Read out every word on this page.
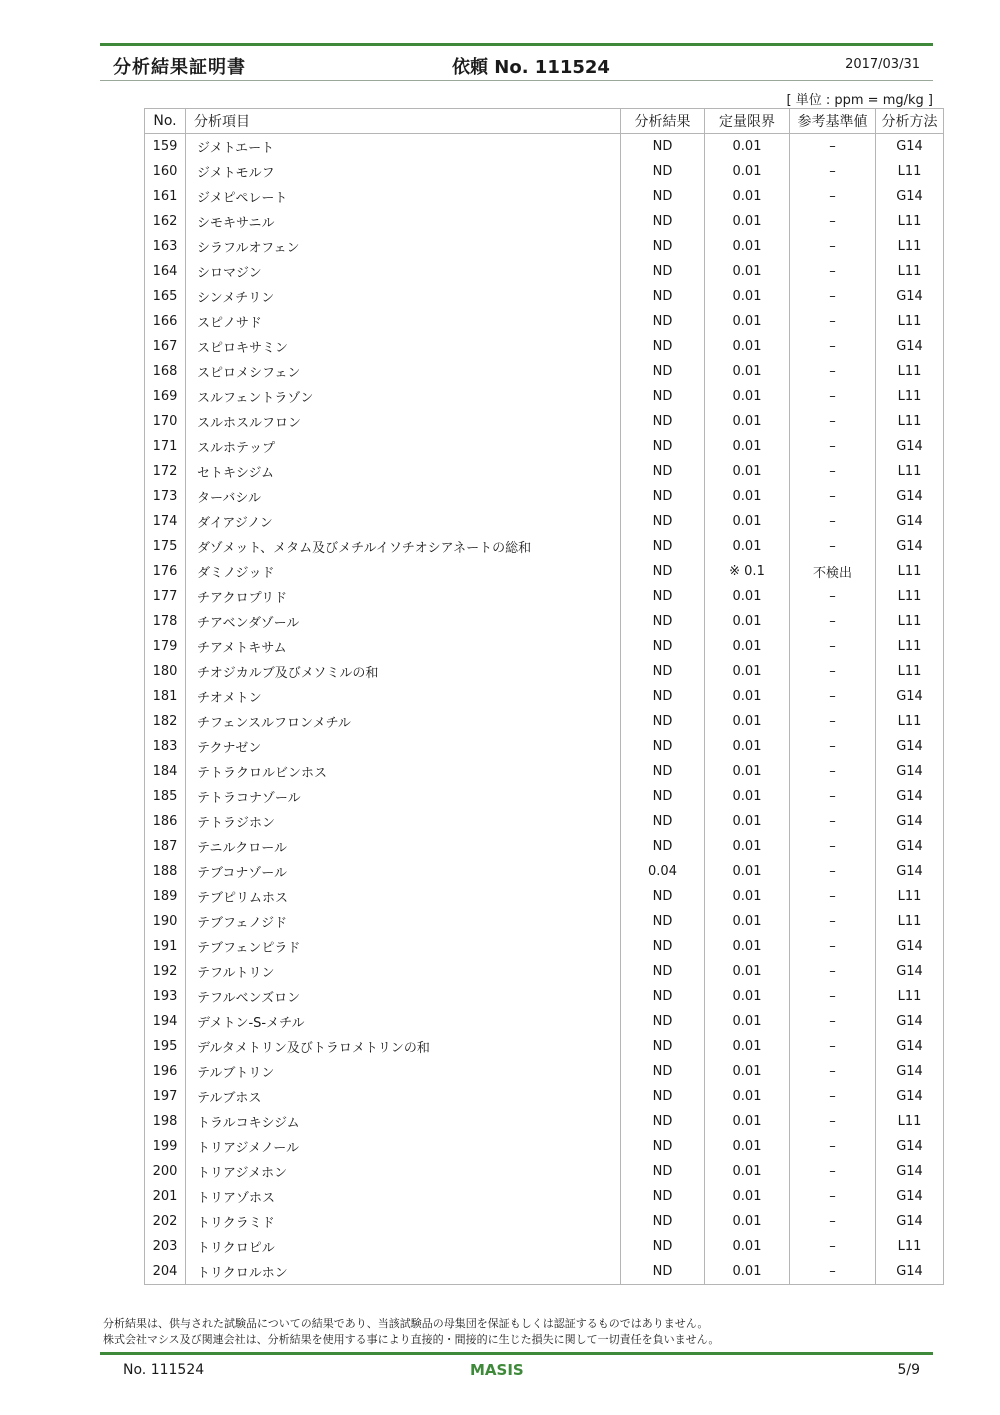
分析結果証明書	依頼 No. 111524	2017/03/31
[ 単位 : ppm = mg/kg ]
No.	分析項目	分析結果	定量限界	参考基準値	分析方法
159	ジメトエート	ND	0.01	–	G14
160	ジメトモルフ	ND	0.01	–	L11
161	ジメピペレート	ND	0.01	–	G14
162	シモキサニル	ND	0.01	–	L11
163	シラフルオフェン	ND	0.01	–	L11
164	シロマジン	ND	0.01	–	L11
165	シンメチリン	ND	0.01	–	G14
166	スピノサド	ND	0.01	–	L11
167	スピロキサミン	ND	0.01	–	G14
168	スピロメシフェン	ND	0.01	–	L11
169	スルフェントラゾン	ND	0.01	–	L11
170	スルホスルフロン	ND	0.01	–	L11
171	スルホテップ	ND	0.01	–	G14
172	セトキシジム	ND	0.01	–	L11
173	ターバシル	ND	0.01	–	G14
174	ダイアジノン	ND	0.01	–	G14
175	ダゾメット、メタム及びメチルイソチオシアネートの総和	ND	0.01	–	G14
176	ダミノジッド	ND	※ 0.1	不検出	L11
177	チアクロプリド	ND	0.01	–	L11
178	チアベンダゾール	ND	0.01	–	L11
179	チアメトキサム	ND	0.01	–	L11
180	チオジカルブ及びメソミルの和	ND	0.01	–	L11
181	チオメトン	ND	0.01	–	G14
182	チフェンスルフロンメチル	ND	0.01	–	L11
183	テクナゼン	ND	0.01	–	G14
184	テトラクロルビンホス	ND	0.01	–	G14
185	テトラコナゾール	ND	0.01	–	G14
186	テトラジホン	ND	0.01	–	G14
187	テニルクロール	ND	0.01	–	G14
188	テブコナゾール	0.04	0.01	–	G14
189	テブピリムホス	ND	0.01	–	L11
190	テブフェノジド	ND	0.01	–	L11
191	テブフェンピラド	ND	0.01	–	G14
192	テフルトリン	ND	0.01	–	G14
193	テフルベンズロン	ND	0.01	–	L11
194	デメトン-S-メチル	ND	0.01	–	G14
195	デルタメトリン及びトラロメトリンの和	ND	0.01	–	G14
196	テルブトリン	ND	0.01	–	G14
197	テルブホス	ND	0.01	–	G14
198	トラルコキシジム	ND	0.01	–	L11
199	トリアジメノール	ND	0.01	–	G14
200	トリアジメホン	ND	0.01	–	G14
201	トリアゾホス	ND	0.01	–	G14
202	トリクラミド	ND	0.01	–	G14
203	トリクロピル	ND	0.01	–	L11
204	トリクロルホン	ND	0.01	–	G14
分析結果は、供与された試験品についての結果であり、当該試験品の母集団を保証もしくは認証するものではありません。
株式会社マシス及び関連会社は、分析結果を使用する事により直接的・間接的に生じた損失に関して一切責任を負いません。
No. 111524	MASIS	5/9
